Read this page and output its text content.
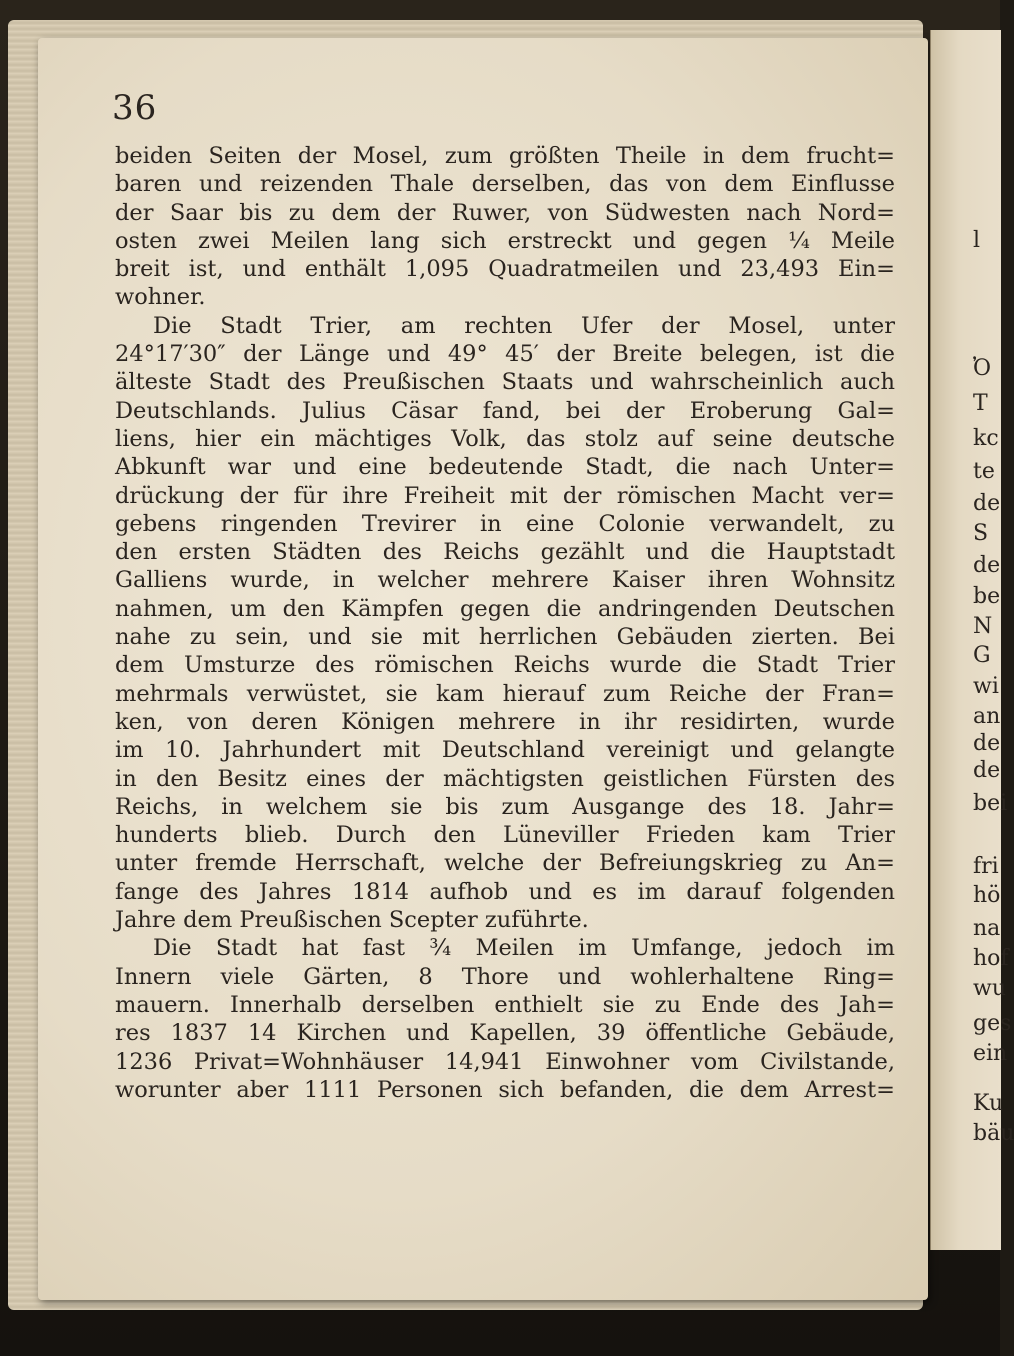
36
beiden Seiten der Mosel, zum größten Theile in dem frucht=
baren und reizenden Thale derselben, das von dem Einflusse
der Saar bis zu dem der Ruwer, von Südwesten nach Nord=
osten zwei Meilen lang sich erstreckt und gegen ¼ Meile
breit ist, und enthält 1,095 Quadratmeilen und 23,493 Ein=
wohner.
Die Stadt Trier, am rechten Ufer der Mosel, unter
24°17′30″ der Länge und 49° 45′ der Breite belegen, ist die
älteste Stadt des Preußischen Staats und wahrscheinlich auch
Deutschlands. Julius Cäsar fand, bei der Eroberung Gal=
liens, hier ein mächtiges Volk, das stolz auf seine deutsche
Abkunft war und eine bedeutende Stadt, die nach Unter=
drückung der für ihre Freiheit mit der römischen Macht ver=
gebens ringenden Trevirer in eine Colonie verwandelt, zu
den ersten Städten des Reichs gezählt und die Hauptstadt
Galliens wurde, in welcher mehrere Kaiser ihren Wohnsitz
nahmen, um den Kämpfen gegen die andringenden Deutschen
nahe zu sein, und sie mit herrlichen Gebäuden zierten. Bei
dem Umsturze des römischen Reichs wurde die Stadt Trier
mehrmals verwüstet, sie kam hierauf zum Reiche der Fran=
ken, von deren Königen mehrere in ihr residirten, wurde
im 10. Jahrhundert mit Deutschland vereinigt und gelangte
in den Besitz eines der mächtigsten geistlichen Fürsten des
Reichs, in welchem sie bis zum Ausgange des 18. Jahr=
hunderts blieb. Durch den Lüneviller Frieden kam Trier
unter fremde Herrschaft, welche der Befreiungskrieg zu An=
fange des Jahres 1814 aufhob und es im darauf folgenden
Jahre dem Preußischen Scepter zuführte.
Die Stadt hat fast ¾ Meilen im Umfange, jedoch im
Innern viele Gärten, 8 Thore und wohlerhaltene Ring=
mauern. Innerhalb derselben enthielt sie zu Ende des Jah=
res 1837 14 Kirchen und Kapellen, 39 öffentliche Gebäude,
1236 Privat=Wohnhäuser 14,941 Einwohner vom Civilstande,
worunter aber 1111 Personen sich befanden, die dem Arrest=
l
Ὀ
T
kc
te
de
S
de
be
N
G
wi
an
de
de
bei
fri
hö
na
hof
wu
ges
ein
Ku
bäu
